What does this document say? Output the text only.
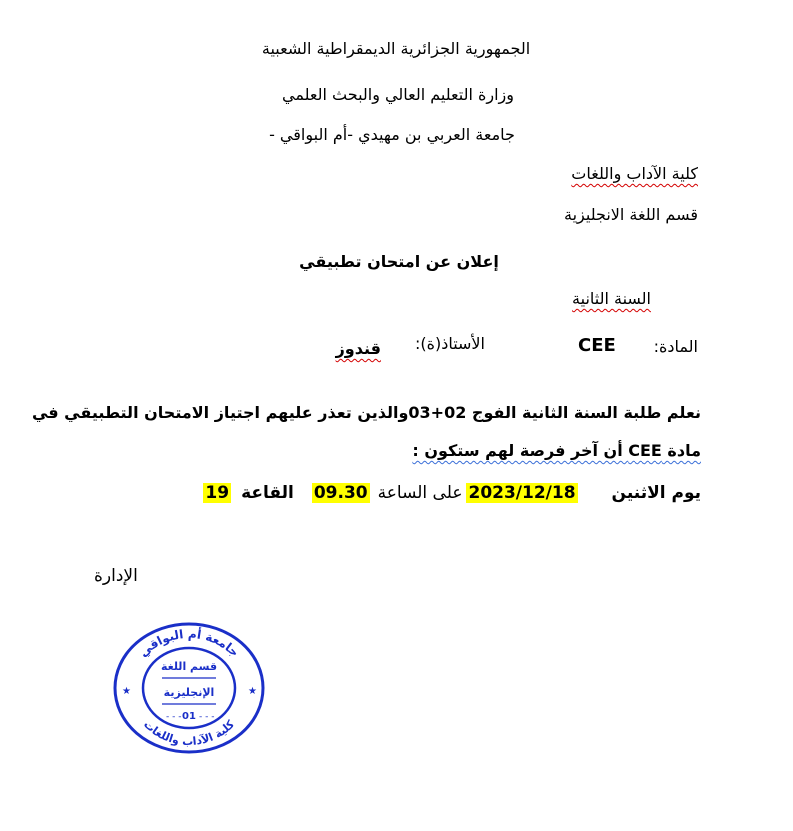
الجمهورية الجزائرية الديمقراطية الشعبية
وزارة التعليم العالي والبحث العلمي
جامعة العربي بن مهيدي -أم البواقي -
كلية الآداب واللغات
قسم اللغة الانجليزية
إعلان عن امتحان تطبيقي
السنة الثانية
المادة:
CEE
الأستاذ(ة):
قندوز
نعلم طلبة السنة الثانية الفوج 02+03والذين تعذر عليهم اجتياز الامتحان التطبيقي في
مادة CEE أن آخر فرصة لهم ستكون :
يوم الاثنين2023/12/18على الساعة09.30القاعة19
الإدارة
جامعة أم البواقي
كلية الآداب واللغات
★	★
قسم اللغة
الإنجليزية
01
- - - - - -
